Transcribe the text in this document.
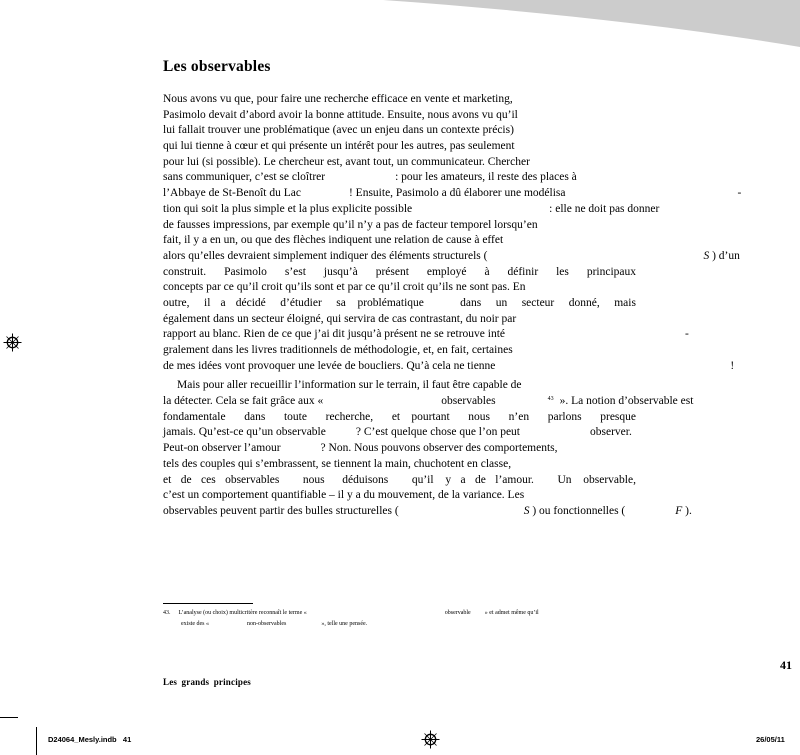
Les observables
Nous avons vu que, pour faire une recherche efficace en vente et marketing,
Pasimolo devait d’abord avoir la bonne attitude. Ensuite, nous avons vu qu’il
lui fallait trouver une problématique (avec un enjeu dans un contexte précis)
qui lui tienne à cœur et qui présente un intérêt pour les autres, pas seulement
pour lui (si possible). Le chercheur est, avant tout, un communicateur. Chercher
sans communiquer, c’est se cloîtrer	: pour les amateurs, il reste des places à
l’Abbaye de St-Benoît du Lac	! Ensuite, Pasimolo a dû élaborer une modélisa	-
tion qui soit la plus simple et la plus explicite possible	: elle ne doit pas donner
de fausses impressions, par exemple qu’il n’y a pas de facteur temporel lorsqu’en
fait, il y a en un, ou que des flèches indiquent une relation de cause à effet
alors qu’elles devraient simplement indiquer des éléments structurels (	S ) d’un
construit. Pasimolo s’est jusqu’à présent employé à définir les principaux
concepts par ce qu’il croit qu’ils sont et par ce qu’il croit qu’ils ne sont pas. En
outre, il a décidé d’étudier sa problématique	dans un secteur donné, mais
également dans un secteur éloigné, qui servira de cas contrastant, du noir par
rapport au blanc. Rien de ce que j’ai dit jusqu’à présent ne se retrouve inté	-
gralement dans les livres traditionnels de méthodologie, et, en fait, certaines
de mes idées vont provoquer une levée de boucliers. Qu’à cela ne tienne	!
Mais pour aller recueillir l’information sur le terrain, il faut être capable de
la détecter. Cela se fait grâce aux «	observables	43 ». La notion d’observable est
fondamentale dans toute recherche, et pourtant nous n’en parlons presque
jamais. Qu’est-ce qu’un observable	? C’est quelque chose que l’on peut	observer.
Peut-on observer l’amour	? Non. Nous pouvons observer des comportements,
tels des couples qui s’embrassent, se tiennent la main, chuchotent en classe,
et de ces observables nous déduisons qu’il y a de l’amour. Un observable,
c’est un comportement quantifiable – il y a du mouvement, de la variance. Les
observables peuvent partir des bulles structurelles (	S ) ou fonctionnelles (	F ).
43. L’analyse (ou choix) multicritère reconnaît le terme «	observable » et admet même qu’il
existe des «	non-observables	», telle une pensée.
41
Les grands principes
D24064_Mesly.indb   41	26/05/11
